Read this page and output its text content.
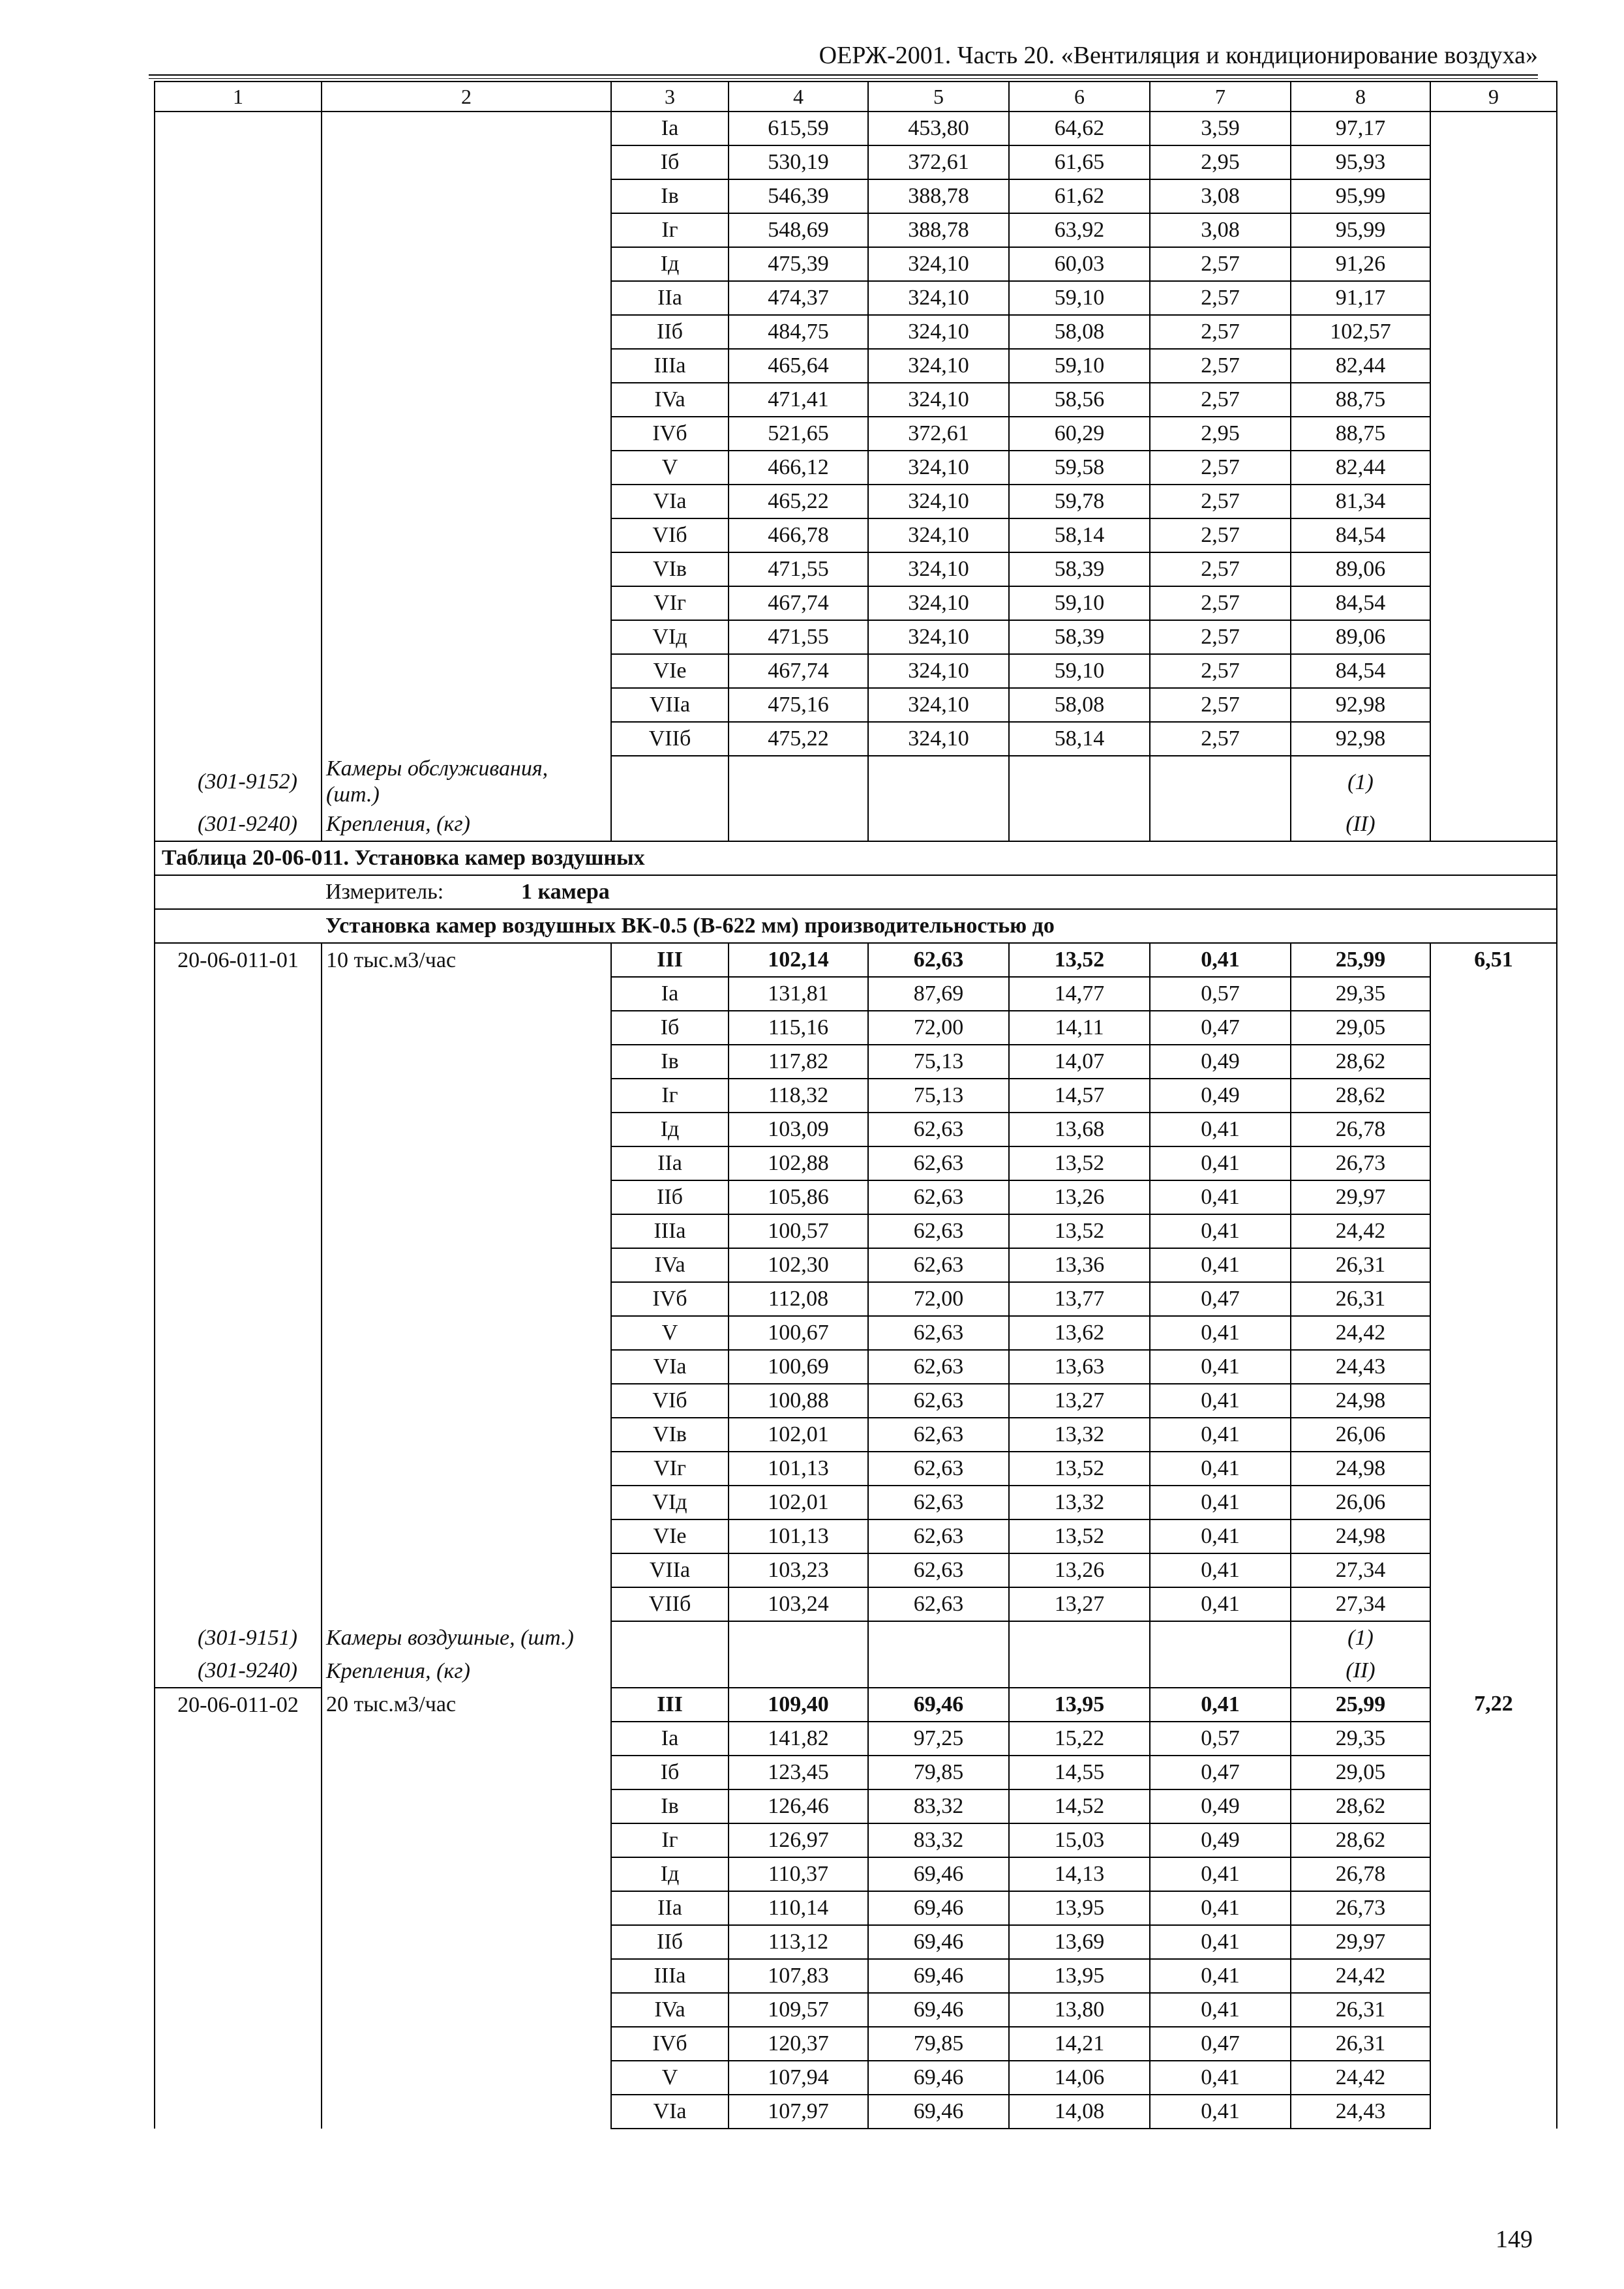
ОЕРЖ-2001. Часть 20. «Вентиляция и кондиционирование воздуха»
1	2	3	4	5	6	7	8	9
		Ia	615,59	453,80	64,62	3,59	97,17	
		Iб	530,19	372,61	61,65	2,95	95,93	
		Iв	546,39	388,78	61,62	3,08	95,99	
		Iг	548,69	388,78	63,92	3,08	95,99	
		Iд	475,39	324,10	60,03	2,57	91,26	
		IIa	474,37	324,10	59,10	2,57	91,17	
		IIб	484,75	324,10	58,08	2,57	102,57	
		IIIa	465,64	324,10	59,10	2,57	82,44	
		IVa	471,41	324,10	58,56	2,57	88,75	
		IVб	521,65	372,61	60,29	2,95	88,75	
		V	466,12	324,10	59,58	2,57	82,44	
		VIa	465,22	324,10	59,78	2,57	81,34	
		VIб	466,78	324,10	58,14	2,57	84,54	
		VIв	471,55	324,10	58,39	2,57	89,06	
		VIг	467,74	324,10	59,10	2,57	84,54	
		VIд	471,55	324,10	58,39	2,57	89,06	
		VIe	467,74	324,10	59,10	2,57	84,54	
		VIIa	475,16	324,10	58,08	2,57	92,98	
		VIIб	475,22	324,10	58,14	2,57	92,98	
(301-9152)	Камеры обслуживания, (шт.)						(1)	
(301-9240)	Крепления, (кг)						(II)	
Таблица 20-06-011. Установка камер воздушных								
	Измеритель: 1 камера							
	Установка камер воздушных ВК-0.5 (В-622 мм) производительностью до							
20-06-011-01	10 тыс.м3/час	III	102,14	62,63	13,52	0,41	25,99	6,51
		Ia	131,81	87,69	14,77	0,57	29,35	
		Iб	115,16	72,00	14,11	0,47	29,05	
		Iв	117,82	75,13	14,07	0,49	28,62	
		Iг	118,32	75,13	14,57	0,49	28,62	
		Iд	103,09	62,63	13,68	0,41	26,78	
		IIa	102,88	62,63	13,52	0,41	26,73	
		IIб	105,86	62,63	13,26	0,41	29,97	
		IIIa	100,57	62,63	13,52	0,41	24,42	
		IVa	102,30	62,63	13,36	0,41	26,31	
		IVб	112,08	72,00	13,77	0,47	26,31	
		V	100,67	62,63	13,62	0,41	24,42	
		VIa	100,69	62,63	13,63	0,41	24,43	
		VIб	100,88	62,63	13,27	0,41	24,98	
		VIв	102,01	62,63	13,32	0,41	26,06	
		VIг	101,13	62,63	13,52	0,41	24,98	
		VIд	102,01	62,63	13,32	0,41	26,06	
		VIe	101,13	62,63	13,52	0,41	24,98	
		VIIa	103,23	62,63	13,26	0,41	27,34	
		VIIб	103,24	62,63	13,27	0,41	27,34	
(301-9151)	Камеры воздушные, (шт.)						(1)	
(301-9240)	Крепления, (кг)						(II)	
20-06-011-02	20 тыс.м3/час	III	109,40	69,46	13,95	0,41	25,99	7,22
		Ia	141,82	97,25	15,22	0,57	29,35	
		Iб	123,45	79,85	14,55	0,47	29,05	
		Iв	126,46	83,32	14,52	0,49	28,62	
		Iг	126,97	83,32	15,03	0,49	28,62	
		Iд	110,37	69,46	14,13	0,41	26,78	
		IIa	110,14	69,46	13,95	0,41	26,73	
		IIб	113,12	69,46	13,69	0,41	29,97	
		IIIa	107,83	69,46	13,95	0,41	24,42	
		IVa	109,57	69,46	13,80	0,41	26,31	
		IVб	120,37	79,85	14,21	0,47	26,31	
		V	107,94	69,46	14,06	0,41	24,42	
		VIa	107,97	69,46	14,08	0,41	24,43	
149
